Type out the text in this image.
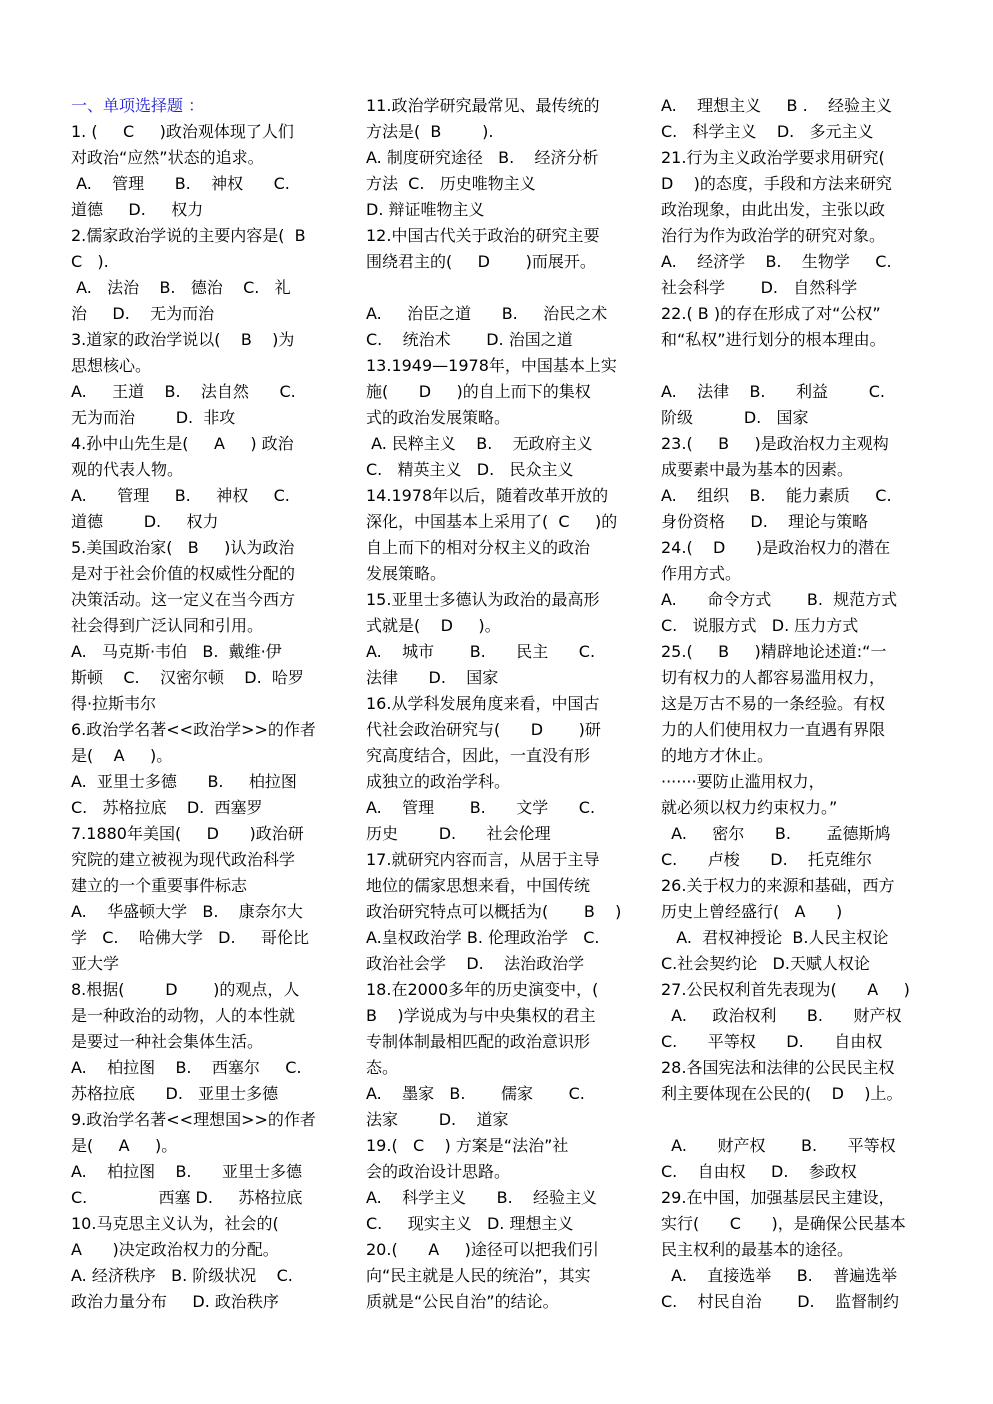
一、单项选择题 ：
1. (     C     )政治观体现了人们
对政治“应然”状态的追求。
A.    管理      B.    神权      C.
道德     D.     权力
2.儒家政治学说的主要内容是(  B
C   ).
A.   法治    B.   德治    C.   礼
治     D.    无为而治
3.道家的政治学说以(    B    )为
思想核心。
A.     王道    B.    法自然      C.
无为而治        D.  非攻
4.孙中山先生是(     A     ) 政治
观的代表人物。
A.      管理     B.     神权     C.
道德        D.     权力
5.美国政治家(   B     )认为政治
是对于社会价值的权威性分配的
决策活动。这一定义在当今西方
社会得到广泛认同和引用。
A.   马克斯·韦伯   B.  戴维·伊
斯顿    C.    汉密尔顿    D.  哈罗
得·拉斯韦尔
6.政治学名著<<政治学>>的作者
是(    A     )。
A.  亚里士多德      B.     柏拉图
C.   苏格拉底    D.  西塞罗
7.1880年美国(     D      )政治研
究院的建立被视为现代政治科学
建立的一个重要事件标志
A.    华盛顿大学   B.    康奈尔大
学   C.    哈佛大学   D.     哥伦比
亚大学
8.根据(        D       )的观点，人
是一种政治的动物，人的本性就
是要过一种社会集体生活。
A.    柏拉图    B.    西塞尔     C.
苏格拉底      D.   亚里士多德
9.政治学名著<<理想国>>的作者
是(     A     )。
A.    柏拉图    B.      亚里士多德
C.              西塞 D.     苏格拉底
10.马克思主义认为，社会的(
A      )决定政治权力的分配。
A. 经济秩序   B. 阶级状况    C.
政治力量分布     D. 政治秩序
11.政治学研究最常见、最传统的
方法是(  B        ).
A. 制度研究途径   B.    经济分析
方法  C.   历史唯物主义
D. 辩证唯物主义
12.中国古代关于政治的研究主要
围绕君主的(     D       )而展开。
A.     治臣之道      B.     治民之术
C.    统治术       D. 治国之道
13.1949—1978年，中国基本上实
施(      D     )的自上而下的集权
式的政治发展策略。
A. 民粹主义    B.    无政府主义
C.   精英主义   D.   民众主义
14.1978年以后，随着改革开放的
深化，中国基本上采用了(  C     )的
自上而下的相对分权主义的政治
发展策略。
15.亚里士多德认为政治的最高形
式就是(    D     )。
A.    城市       B.      民主      C.
法律      D.    国家
16.从学科发展角度来看，中国古
代社会政治研究与(      D       )研
究高度结合，因此，一直没有形
成独立的政治学科。
A.    管理       B.      文学      C.
历史        D.      社会伦理
17.就研究内容而言，从居于主导
地位的儒家思想来看，中国传统
政治研究特点可以概括为(       B    )
A.皇权政治学 B. 伦理政治学   C.
政治社会学    D.    法治政治学
18.在2000多年的历史演变中，(
B    )学说成为与中央集权的君主
专制体制最相匹配的政治意识形
态。
A.    墨家   B.       儒家       C.
法家        D.    道家
19.(   C    ) 方案是“法治”社
会的政治设计思路。
A.    科学主义      B.    经验主义
C.     现实主义   D. 理想主义
20.(      A     )途径可以把我们引
向“民主就是人民的统治”，其实
质就是“公民自治”的结论。
A.    理想主义     B .    经验主义
C.   科学主义    D.   多元主义
21.行为主义政治学要求用研究(
D    )的态度，手段和方法来研究
政治现象，由此出发，主张以政
治行为作为政治学的研究对象。
A.    经济学    B.    生物学     C.
社会科学       D.   自然科学
22.( B )的存在形成了对“公权”
和“私权”进行划分的根本理由。
A.    法律    B.      利益        C.
阶级          D.   国家
23.(     B     )是政治权力主观构
成要素中最为基本的因素。
A.    组织    B.    能力素质     C.
身份资格     D.    理论与策略
24.(    D      )是政治权力的潜在
作用方式。
A.      命令方式       B.  规范方式
C.   说服方式   D. 压力方式
25.(     B     )精辟地论述道:“一
切有权力的人都容易滥用权力，
这是万古不易的一条经验。有权
力的人们使用权力一直遇有界限
的地方才休止。
·······要防止滥用权力，
就必须以权力约束权力。”
A.     密尔      B.       孟德斯鸠
C.      卢梭      D.    托克维尔
26.关于权力的来源和基础，西方
历史上曾经盛行(   A      )
A.  君权神授论  B.人民主权论
C.社会契约论   D.天赋人权论
27.公民权利首先表现为(      A     )
A.     政治权利      B.      财产权
C.      平等权      D.      自由权
28.各国宪法和法律的公民民主权
利主要体现在公民的(    D    )上。
A.      财产权       B.      平等权
C.    自由权     D.    参政权
29.在中国，加强基层民主建设，
实行(      C      )，是确保公民基本
民主权利的最基本的途径。
A.    直接选举     B.    普遍选举
C.    村民自治       D.    监督制约
